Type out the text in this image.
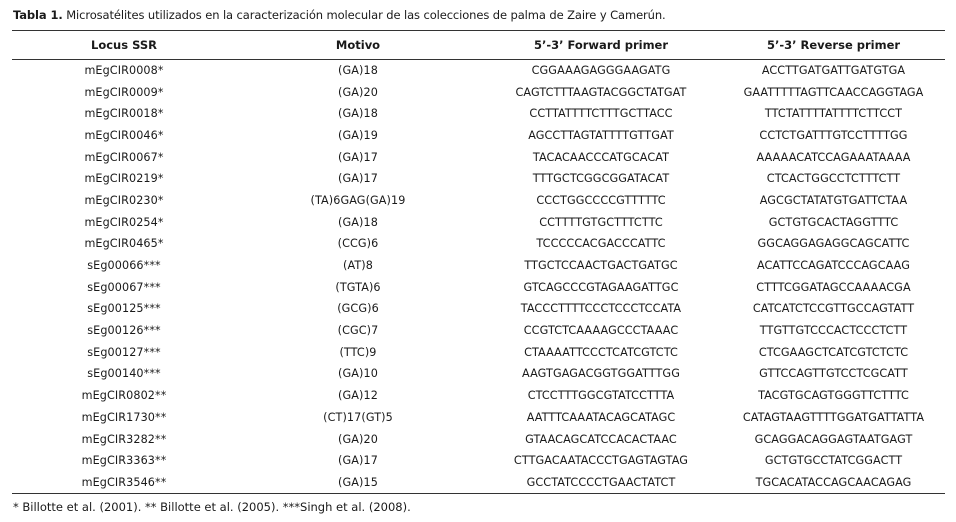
Tabla 1. Microsatélites utilizados en la caracterización molecular de las colecciones de palma de Zaire y Camerún.
Locus SSR	Motivo	5’-3’ Forward primer	5’-3’ Reverse primer
mEgCIR0008*	(GA)18	CGGAAAGAGGGAAGATG	ACCTTGATGATTGATGTGA
mEgCIR0009*	(GA)20	CAGTCTTTAAGTACGGCTATGAT	GAATTTTTAGTTCAACCAGGTAGA
mEgCIR0018*	(GA)18	CCTTATTTTCTTTGCTTACC	TTCTATTTTATTTTCTTCCT
mEgCIR0046*	(GA)19	AGCCTTAGTATTTTGTTGAT	CCTCTGATTTGTCCTTTTGG
mEgCIR0067*	(GA)17	TACACAACCCATGCACAT	AAAAACATCCAGAAATAAAA
mEgCIR0219*	(GA)17	TTTGCTCGGCGGATACAT	CTCACTGGCCTCTTTCTT
mEgCIR0230*	(TA)6GAG(GA)19	CCCTGGCCCCGTTTTTC	AGCGCTATATGTGATTCTAA
mEgCIR0254*	(GA)18	CCTTTTGTGCTTTCTTC	GCTGTGCACTAGGTTTC
mEgCIR0465*	(CCG)6	TCCCCCACGACCCATTC	GGCAGGAGAGGCAGCATTC
sEg00066***	(AT)8	TTGCTCCAACTGACTGATGC	ACATTCCAGATCCCAGCAAG
sEg00067***	(TGTA)6	GTCAGCCCGTAGAAGATTGC	CTTTCGGATAGCCAAAACGA
sEg00125***	(GCG)6	TACCCTTTTCCCTCCCTCCATA	CATCATCTCCGTTGCCAGTATT
sEg00126***	(CGC)7	CCGTCTCAAAAGCCCTAAAC	TTGTTGTCCCACTCCCTCTT
sEg00127***	(TTC)9	CTAAAATTCCCTCATCGTCTC	CTCGAAGCTCATCGTCTCTC
sEg00140***	(GA)10	AAGTGAGACGGTGGATTTGG	GTTCCAGTTGTCCTCGCATT
mEgCIR0802**	(GA)12	CTCCTTTGGCGTATCCTTTA	TACGTGCAGTGGGTTCTTTC
mEgCIR1730**	(CT)17(GT)5	AATTTCAAATACAGCATAGC	CATAGTAAGTTTTGGATGATTATTA
mEgCIR3282**	(GA)20	GTAACAGCATCCACACTAAC	GCAGGACAGGAGTAATGAGT
mEgCIR3363**	(GA)17	CTTGACAATACCCTGAGTAGTAG	GCTGTGCCTATCGGACTT
mEgCIR3546**	(GA)15	GCCTATCCCCTGAACTATCT	TGCACATACCAGCAACAGAG
* Billotte et al. (2001). ** Billotte et al. (2005). ***Singh et al. (2008).
